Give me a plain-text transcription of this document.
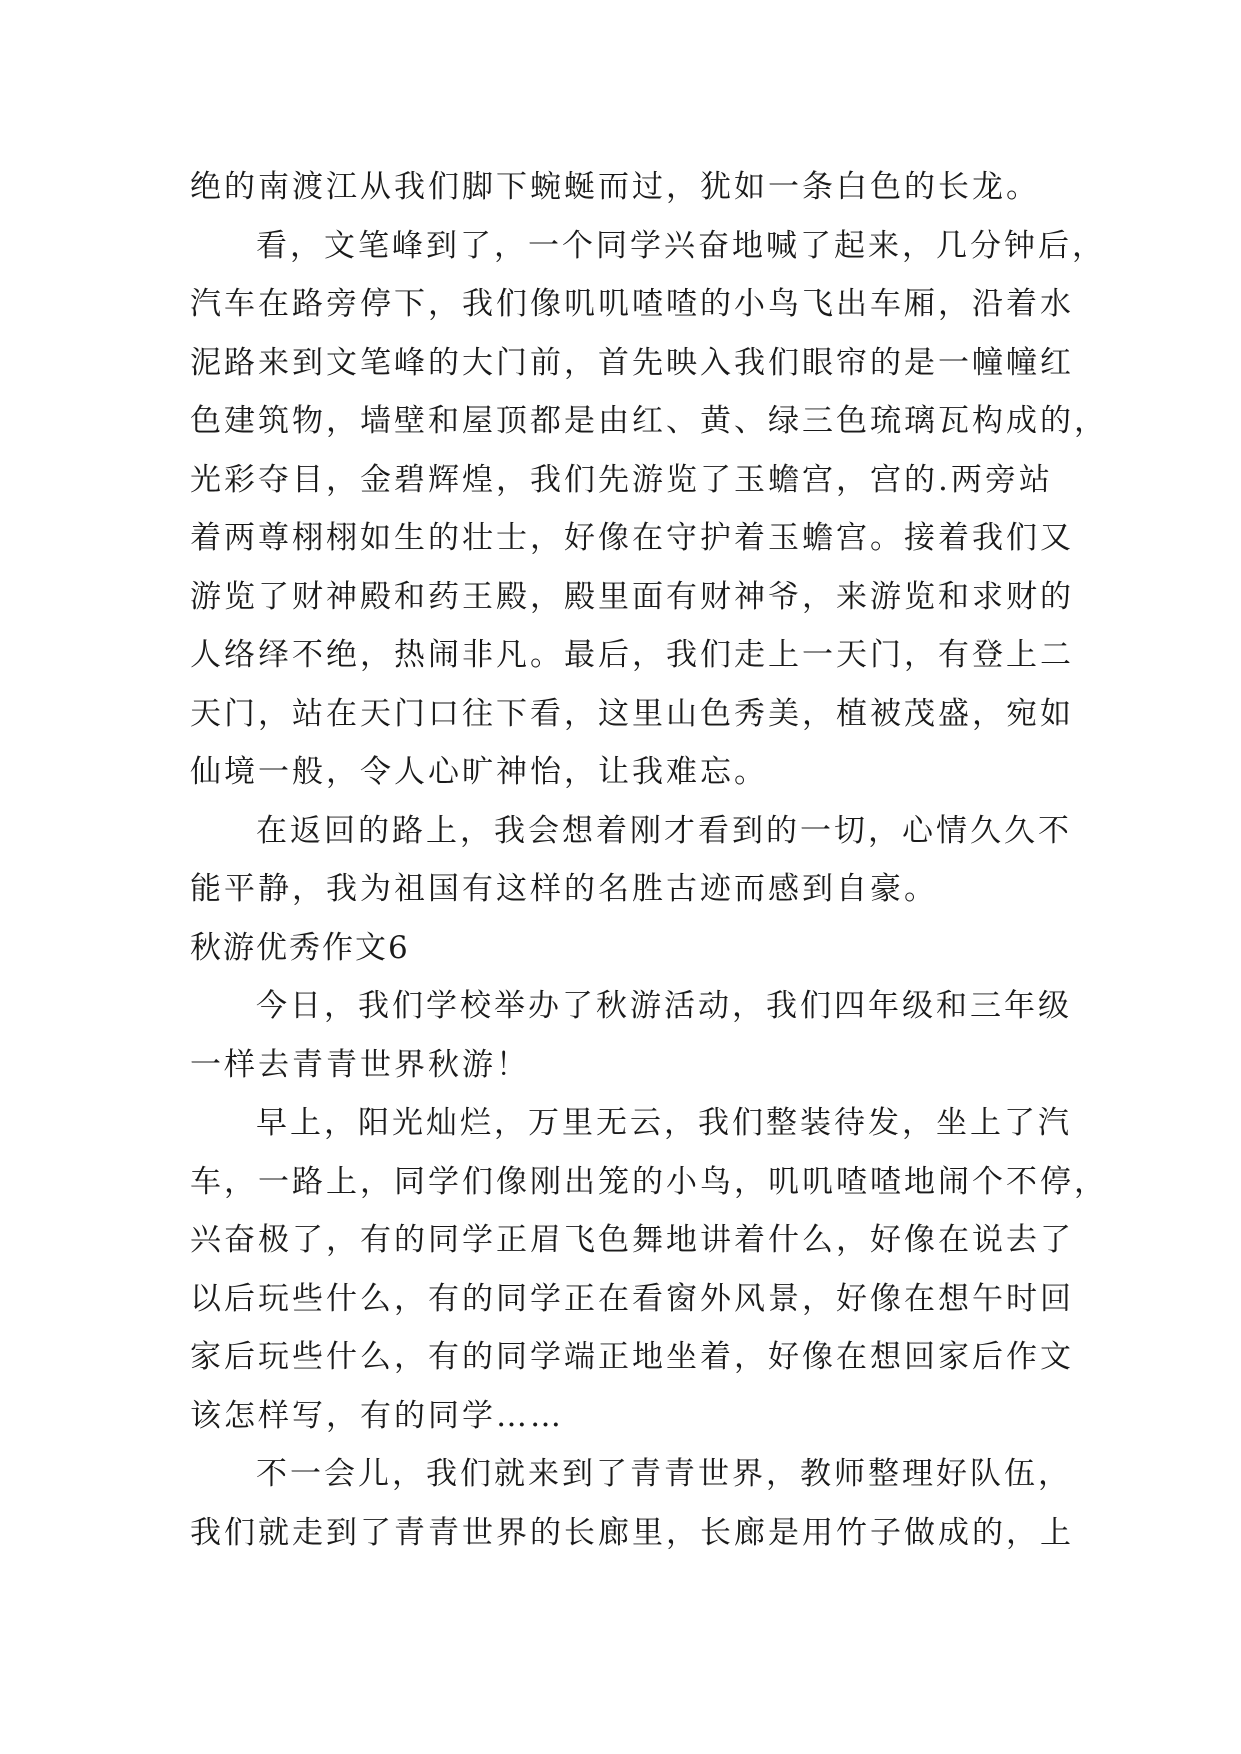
绝的南渡江从我们脚下蜿蜒而过，犹如一条白色的长龙。
看，文笔峰到了，一个同学兴奋地喊了起来，几分钟后，
汽车在路旁停下，我们像叽叽喳喳的小鸟飞出车厢，沿着水
泥路来到文笔峰的大门前，首先映入我们眼帘的是一幢幢红
色建筑物，墙壁和屋顶都是由红、黄、绿三色琉璃瓦构成的，
光彩夺目，金碧辉煌，我们先游览了玉蟾宫，宫的.两旁站
着两尊栩栩如生的壮士，好像在守护着玉蟾宫。接着我们又
游览了财神殿和药王殿，殿里面有财神爷，来游览和求财的
人络绎不绝，热闹非凡。最后，我们走上一天门，有登上二
天门，站在天门口往下看，这里山色秀美，植被茂盛，宛如
仙境一般，令人心旷神怡，让我难忘。
在返回的路上，我会想着刚才看到的一切，心情久久不
能平静，我为祖国有这样的名胜古迹而感到自豪。
秋游优秀作文6
今日，我们学校举办了秋游活动，我们四年级和三年级
一样去青青世界秋游！
早上，阳光灿烂，万里无云，我们整装待发，坐上了汽
车，一路上，同学们像刚出笼的小鸟，叽叽喳喳地闹个不停，
兴奋极了，有的同学正眉飞色舞地讲着什么，好像在说去了
以后玩些什么，有的同学正在看窗外风景，好像在想午时回
家后玩些什么，有的同学端正地坐着，好像在想回家后作文
该怎样写，有的同学……
不一会儿，我们就来到了青青世界，教师整理好队伍，
我们就走到了青青世界的长廊里，长廊是用竹子做成的，上
